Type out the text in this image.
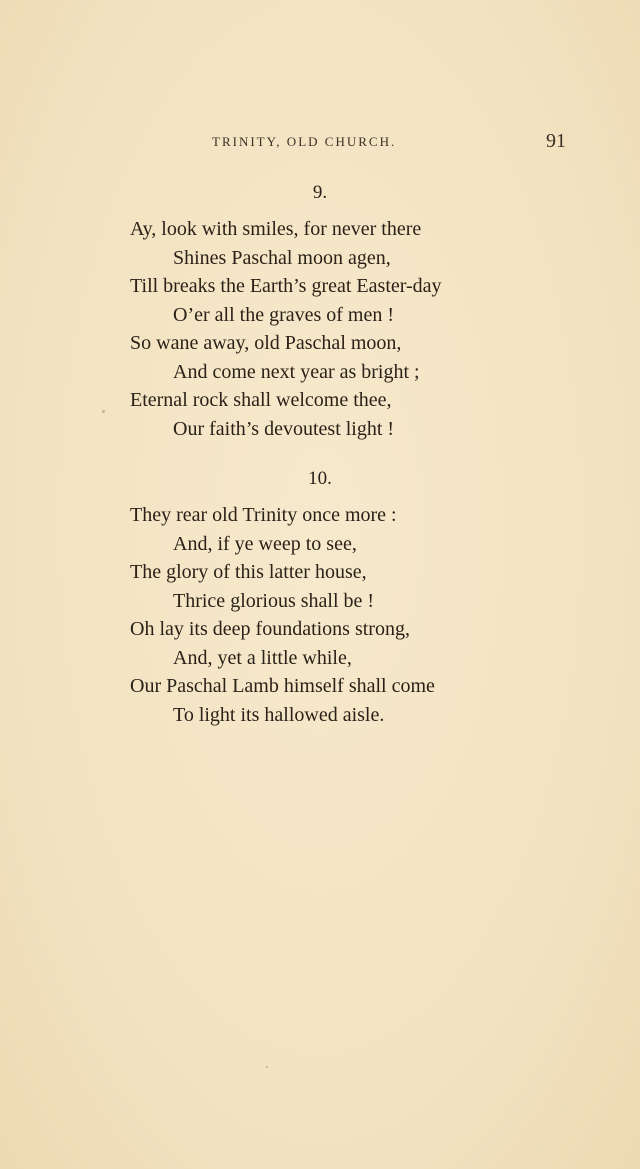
TRINITY, OLD CHURCH.	91
9.
Ay, look with smiles, for never there
Shines Paschal moon agen,
Till breaks the Earth’s great Easter-day
O’er all the graves of men !
So wane away, old Paschal moon,
And come next year as bright ;
Eternal rock shall welcome thee,
Our faith’s devoutest light !
10.
They rear old Trinity once more :
And, if ye weep to see,
The glory of this latter house,
Thrice glorious shall be !
Oh lay its deep foundations strong,
And, yet a little while,
Our Paschal Lamb himself shall come
To light its hallowed aisle.
